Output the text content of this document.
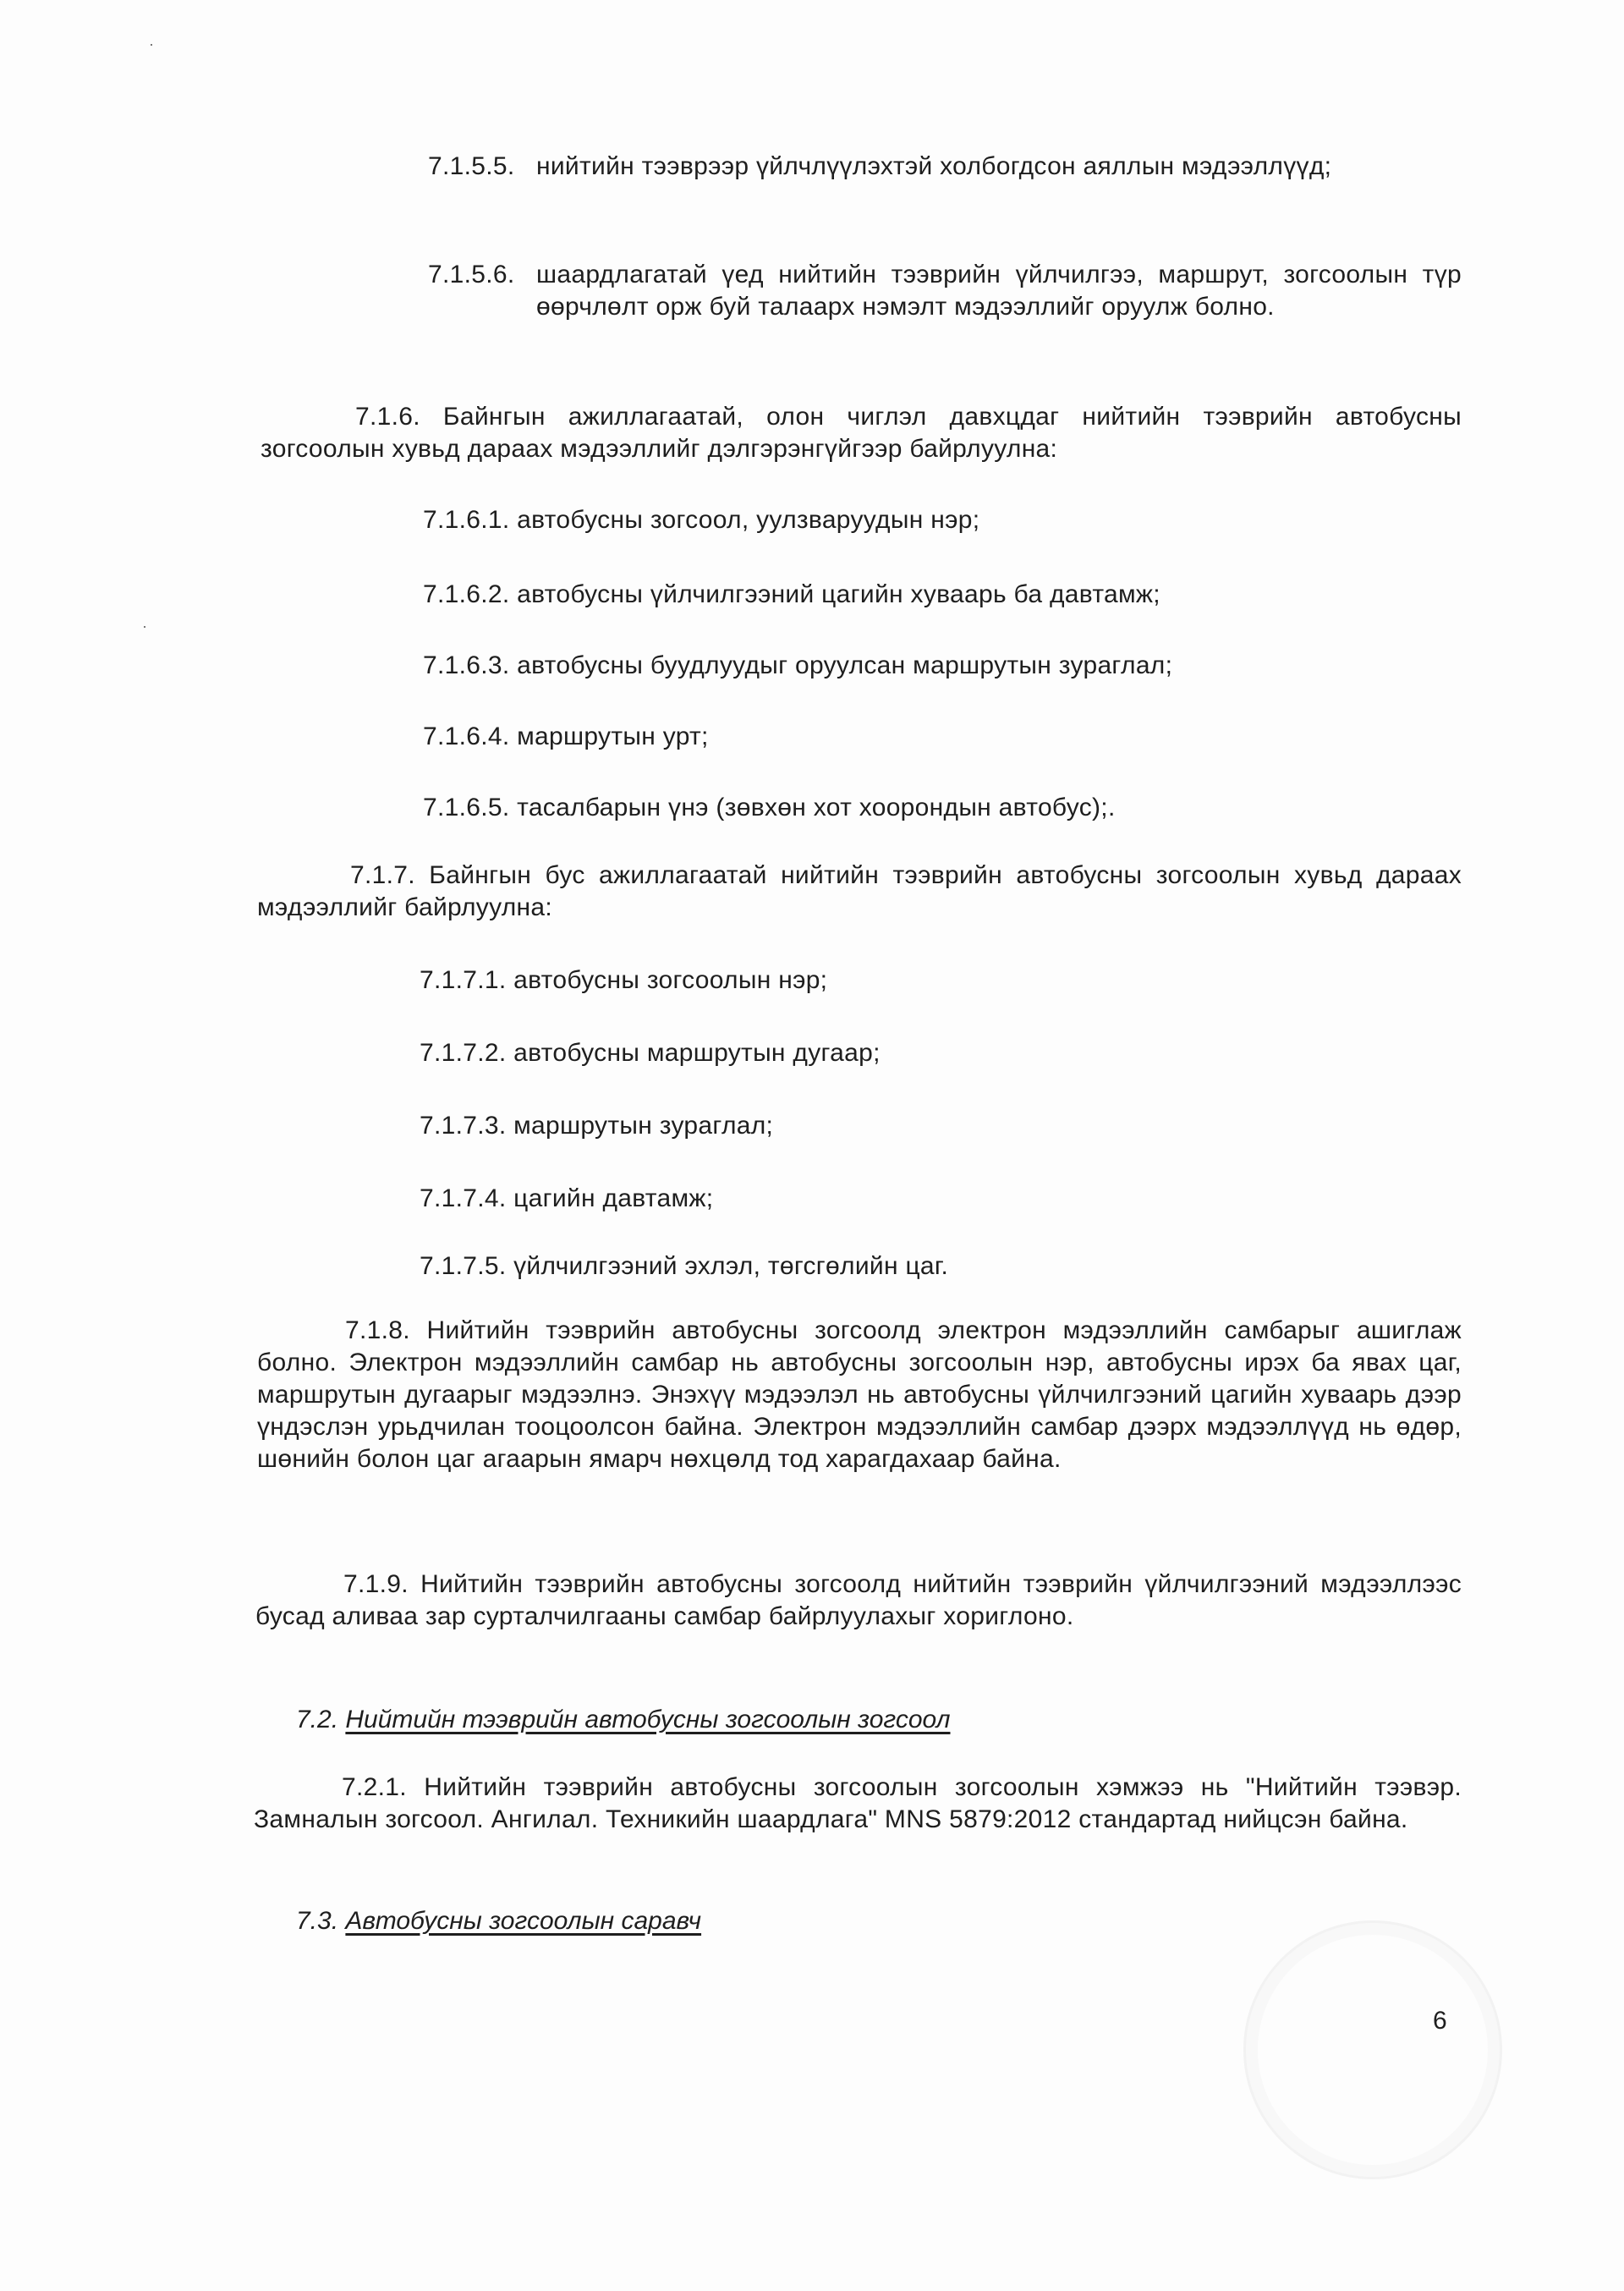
7.1.5.5. нийтийн тээврээр үйлчлүүлэхтэй холбогдсон аяллын мэдээллүүд;
7.1.5.6. шаардлагатай үед нийтийн тээврийн үйлчилгээ, маршрут, зогсоолын түр өөрчлөлт орж буй талаарх нэмэлт мэдээллийг оруулж болно.
7.1.6. Байнгын ажиллагаатай, олон чиглэл давхцдаг нийтийн тээврийн автобусны зогсоолын хувьд дараах мэдээллийг дэлгэрэнгүйгээр байрлуулна:
7.1.6.1. автобусны зогсоол, уулзваруудын нэр;
7.1.6.2. автобусны үйлчилгээний цагийн хуваарь ба давтамж;
7.1.6.3. автобусны буудлуудыг оруулсан маршрутын зураглал;
7.1.6.4. маршрутын урт;
7.1.6.5. тасалбарын үнэ (зөвхөн хот хоорондын автобус);.
7.1.7. Байнгын бус ажиллагаатай нийтийн тээврийн автобусны зогсоолын хувьд дараах мэдээллийг байрлуулна:
7.1.7.1. автобусны зогсоолын нэр;
7.1.7.2. автобусны маршрутын дугаар;
7.1.7.3. маршрутын зураглал;
7.1.7.4. цагийн давтамж;
7.1.7.5. үйлчилгээний эхлэл, төгсгөлийн цаг.
7.1.8. Нийтийн тээврийн автобусны зогсоолд электрон мэдээллийн самбарыг ашиглаж болно. Электрон мэдээллийн самбар нь автобусны зогсоолын нэр, автобусны ирэх ба явах цаг, маршрутын дугаарыг мэдээлнэ. Энэхүү мэдээлэл нь автобусны үйлчилгээний цагийн хуваарь дээр үндэслэн урьдчилан тооцоолсон байна. Электрон мэдээллийн самбар дээрх мэдээллүүд нь өдөр, шөнийн болон цаг агаарын ямарч нөхцөлд тод харагдахаар байна.
7.1.9. Нийтийн тээврийн автобусны зогсоолд нийтийн тээврийн үйлчилгээний мэдээллээс бусад аливаа зар сурталчилгааны самбар байрлуулахыг хориглоно.
7.2. Нийтийн тээврийн автобусны зогсоолын зогсоол
7.2.1. Нийтийн тээврийн автобусны зогсоолын зогсоолын хэмжээ нь "Нийтийн тээвэр. Замналын зогсоол. Ангилал. Техникийн шаардлага" MNS 5879:2012 стандартад нийцсэн байна.
7.3. Автобусны зогсоолын саравч
6
